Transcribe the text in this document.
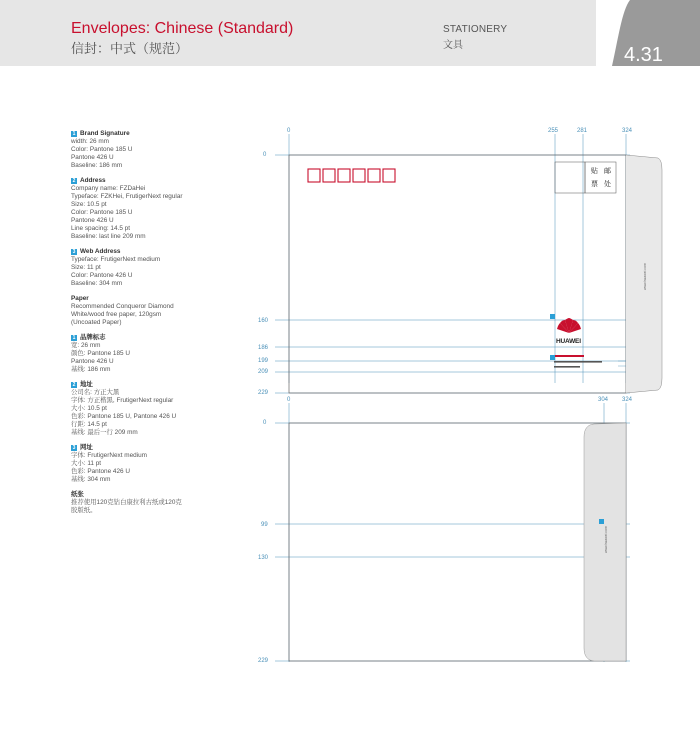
Envelopes: Chinese (Standard)
信封：中式（规范）
STATIONERY
文具	4.31
1 Brand Signature
width: 26 mm
Color: Pantone 185 U
Pantone 426 U
Baseline: 186 mm
2 Address
Company name: FZDaHei
Typeface: FZKHei, FrutigerNext regular
Size: 10.5 pt
Color: Pantone 185 U
Pantone 426 U
Line spacing: 14.5 pt
Baseline: last line 209 mm
3 Web Address
Typeface: FrutigerNext medium
Size: 11 pt
Color: Pantone 426 U
Baseline: 304 mm
Paper
Recommended Conqueror Diamond
White/wood free paper, 120gsm
(Uncoated Paper)
1 品牌标志
宽: 26 mm
颜色: Pantone 185 U
Pantone 426 U
基线: 186 mm
2 地址
公司名: 方正大黑
字体: 方正楷黑, FrutigerNext regular
大小: 10.5 pt
色彩: Pantone 185 U, Pantone 426 U
行距: 14.5 pt
基线: 最后一行 209 mm
3 网址
字体: FrutigerNext medium
大小: 11 pt
色彩: Pantone 426 U
基线: 304 mm
纸张
推荐使用120克钻白康拉利古纸或120克
胶版纸。
www.huawei.com
www.huawei.com
0	255	281	324
0
160
186
199
209
229
贴 邮
票 处
HUAWEI
0	304 324
0
99
130
229
